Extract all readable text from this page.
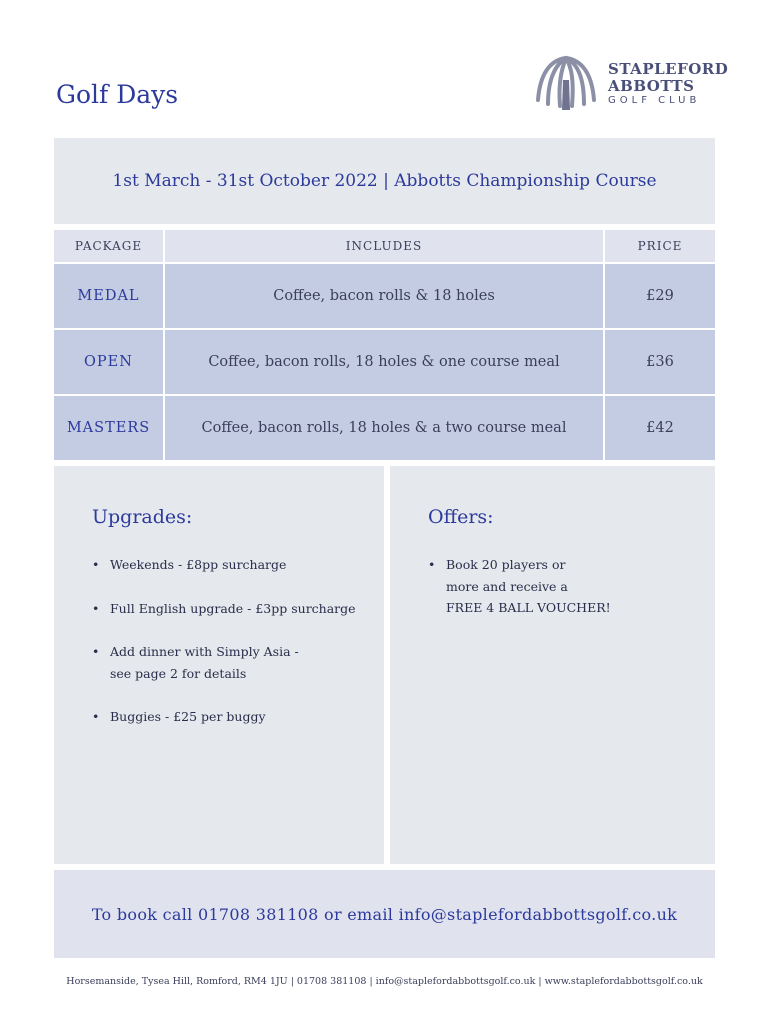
Golf Days
STAPLEFORD
ABBOTTS
GOLF CLUB
1st March - 31st October 2022 | Abbotts Championship Course
PACKAGE	INCLUDES	PRICE
MEDAL	Coffee, bacon rolls & 18 holes	£29
OPEN	Coffee, bacon rolls, 18 holes & one course meal	£36
MASTERS	Coffee, bacon rolls, 18 holes & a two course meal	£42
Upgrades:
• Weekends - £8pp surcharge
• Full English upgrade - £3pp surcharge
• Add dinner with Simply Asia -
see page 2 for details
• Buggies - £25 per buggy
Offers:
• Book 20 players or
more and receive a
FREE 4 BALL VOUCHER!
To book call 01708 381108 or email info@staplefordabbottsgolf.co.uk
Horsemanside, Tysea Hill, Romford, RM4 1JU | 01708 381108 | info@staplefordabbottsgolf.co.uk | www.staplefordabbottsgolf.co.uk
